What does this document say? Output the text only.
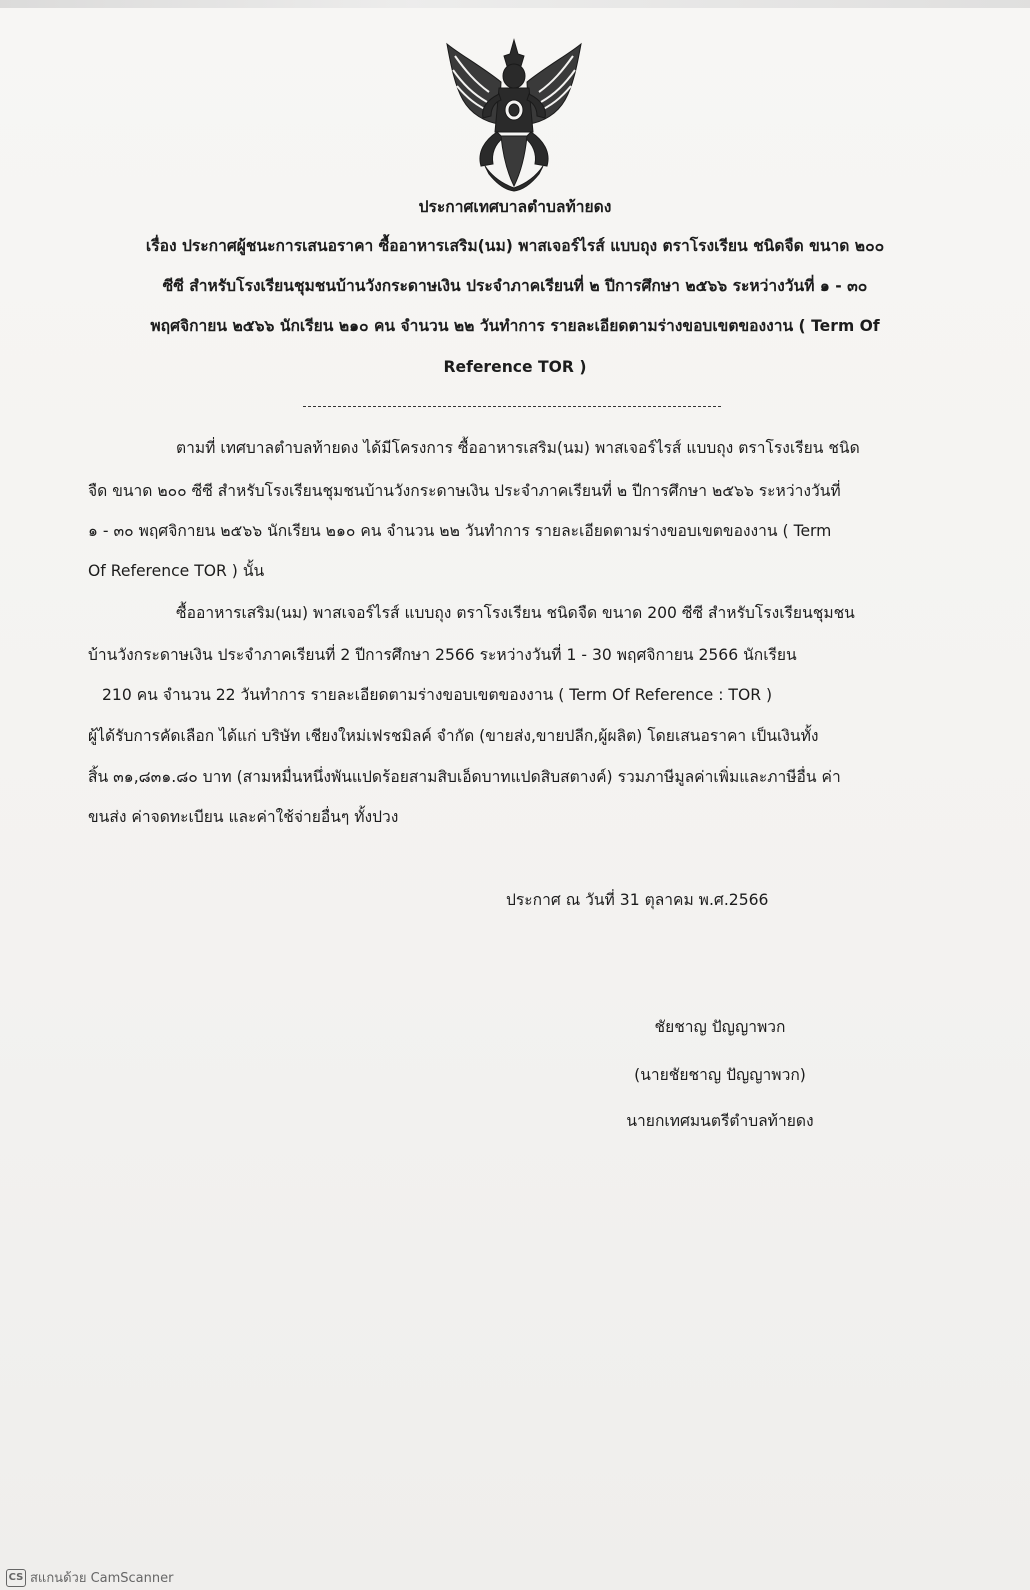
ประกาศเทศบาลตำบลท้ายดง
เรื่อง ประกาศผู้ชนะการเสนอราคา ซื้ออาหารเสริม(นม) พาสเจอร์ไรส์ แบบถุง ตราโรงเรียน ชนิดจืด ขนาด ๒๐๐
ซีซี สำหรับโรงเรียนชุมชนบ้านวังกระดาษเงิน ประจำภาคเรียนที่ ๒ ปีการศึกษา ๒๕๖๖ ระหว่างวันที่ ๑ - ๓๐
พฤศจิกายน ๒๕๖๖ นักเรียน ๒๑๐ คน จำนวน ๒๒ วันทำการ รายละเอียดตามร่างขอบเขตของงาน ( Term Of
Reference TOR )
ตามที่ เทศบาลตำบลท้ายดง ได้มีโครงการ ซื้ออาหารเสริม(นม) พาสเจอร์ไรส์ แบบถุง ตราโรงเรียน ชนิด
จืด ขนาด ๒๐๐ ซีซี สำหรับโรงเรียนชุมชนบ้านวังกระดาษเงิน ประจำภาคเรียนที่ ๒ ปีการศึกษา ๒๕๖๖ ระหว่างวันที่
๑ - ๓๐ พฤศจิกายน ๒๕๖๖ นักเรียน ๒๑๐ คน จำนวน ๒๒ วันทำการ รายละเอียดตามร่างขอบเขตของงาน ( Term
Of Reference TOR ) นั้น
ซื้ออาหารเสริม(นม) พาสเจอร์ไรส์ แบบถุง ตราโรงเรียน ชนิดจืด ขนาด 200 ซีซี สำหรับโรงเรียนชุมชน
บ้านวังกระดาษเงิน ประจำภาคเรียนที่ 2 ปีการศึกษา 2566 ระหว่างวันที่ 1 - 30 พฤศจิกายน 2566 นักเรียน
210 คน จำนวน 22 วันทำการ รายละเอียดตามร่างขอบเขตของงาน ( Term Of Reference : TOR )
ผู้ได้รับการคัดเลือก ได้แก่ บริษัท เชียงใหม่เฟรชมิลค์ จำกัด (ขายส่ง,ขายปลีก,ผู้ผลิต) โดยเสนอราคา เป็นเงินทั้ง
สิ้น ๓๑,๘๓๑.๘๐ บาท (สามหมื่นหนึ่งพันแปดร้อยสามสิบเอ็ดบาทแปดสิบสตางค์) รวมภาษีมูลค่าเพิ่มและภาษีอื่น ค่า
ขนส่ง ค่าจดทะเบียน และค่าใช้จ่ายอื่นๆ ทั้งปวง
ประกาศ ณ วันที่ 31 ตุลาคม พ.ศ.2566
ชัยชาญ ปัญญาพวก
(นายชัยชาญ ปัญญาพวก)
นายกเทศมนตรีตำบลท้ายดง
CS สแกนด้วย CamScanner
